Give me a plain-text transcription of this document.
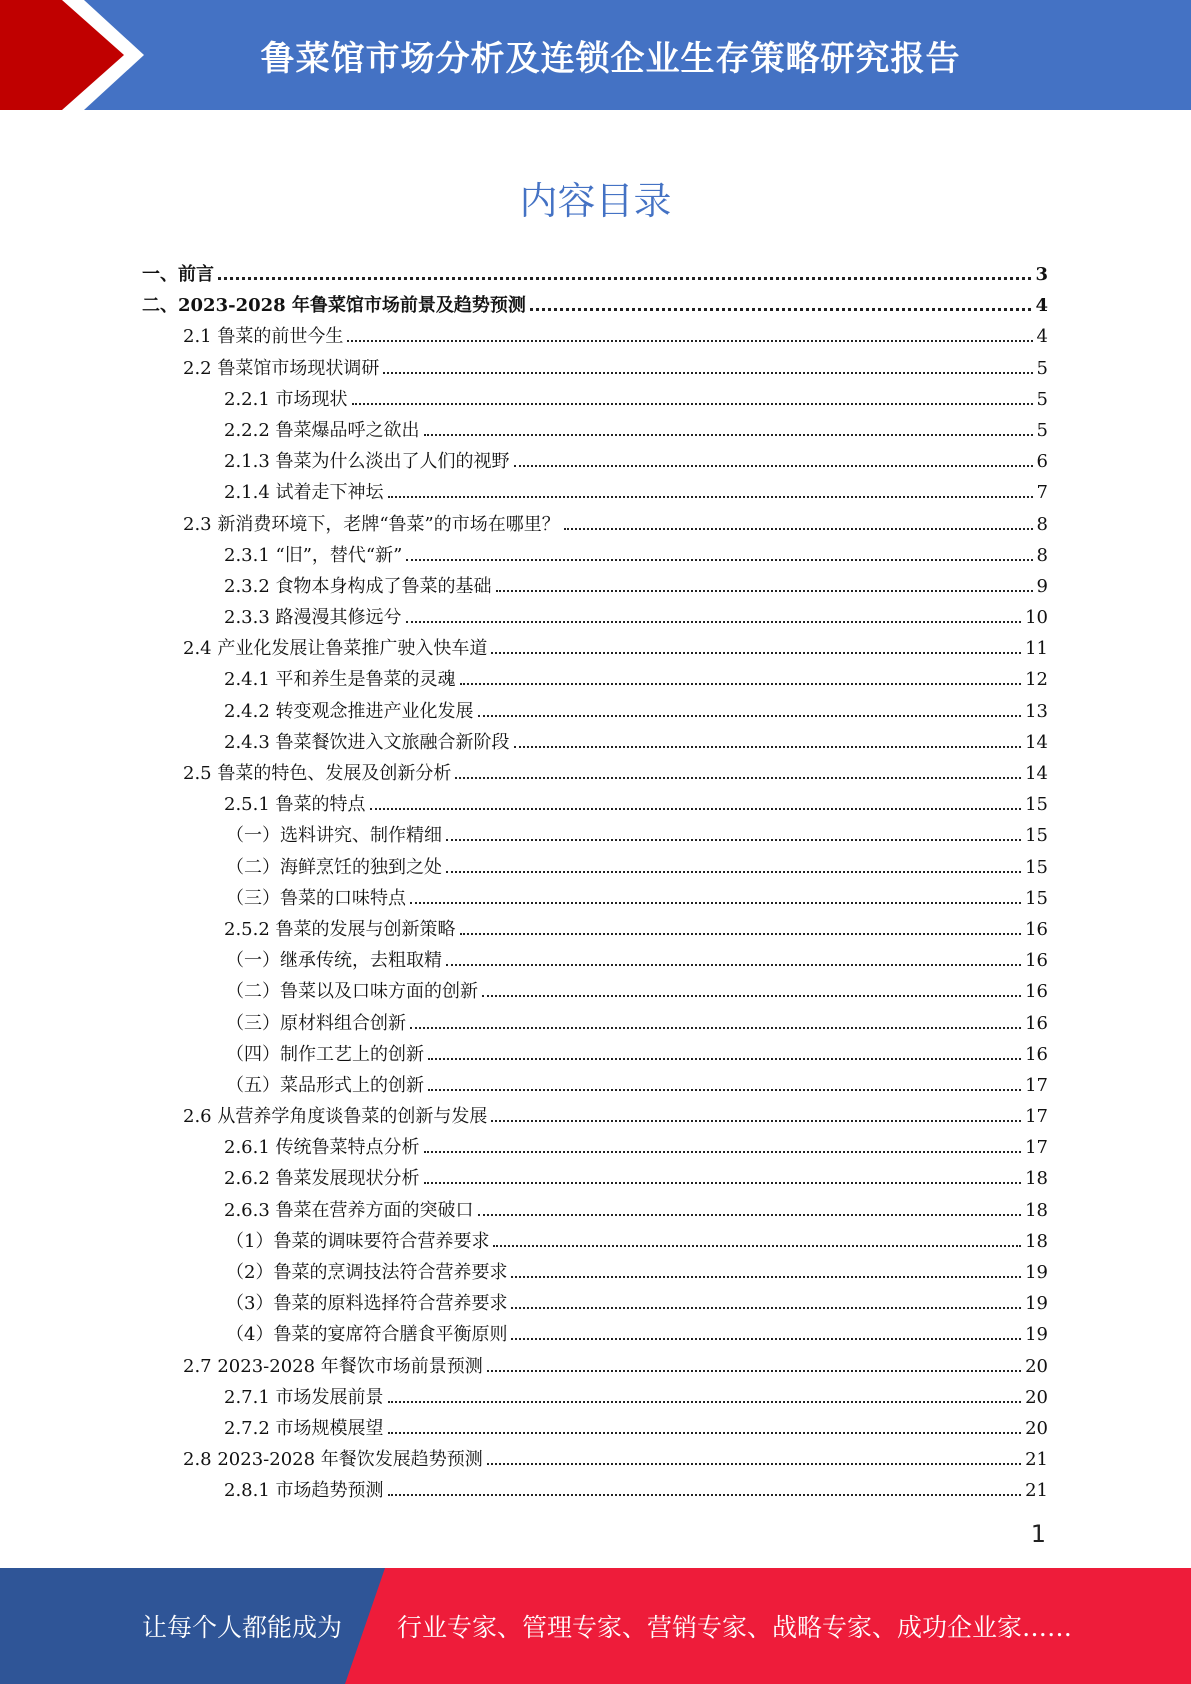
鲁菜馆市场分析及连锁企业生存策略研究报告
内容目录
一、前言	3
二、2023-2028 年鲁菜馆市场前景及趋势预测	4
2.1 鲁菜的前世今生	4
2.2 鲁菜馆市场现状调研	5
2.2.1 市场现状	5
2.2.2 鲁菜爆品呼之欲出	5
2.1.3 鲁菜为什么淡出了人们的视野	6
2.1.4 试着走下神坛	7
2.3 新消费环境下，老牌“鲁菜”的市场在哪里？	8
2.3.1 “旧”，替代“新”	8
2.3.2 食物本身构成了鲁菜的基础	9
2.3.3 路漫漫其修远兮	10
2.4 产业化发展让鲁菜推广驶入快车道	11
2.4.1 平和养生是鲁菜的灵魂	12
2.4.2 转变观念推进产业化发展	13
2.4.3 鲁菜餐饮进入文旅融合新阶段	14
2.5 鲁菜的特色、发展及创新分析	14
2.5.1 鲁菜的特点	15
（一）选料讲究、制作精细	15
（二）海鲜烹饪的独到之处	15
（三）鲁菜的口味特点	15
2.5.2 鲁菜的发展与创新策略	16
（一）继承传统，去粗取精	16
（二）鲁菜以及口味方面的创新	16
（三）原材料组合创新	16
（四）制作工艺上的创新	16
（五）菜品形式上的创新	17
2.6 从营养学角度谈鲁菜的创新与发展	17
2.6.1 传统鲁菜特点分析	17
2.6.2 鲁菜发展现状分析	18
2.6.3 鲁菜在营养方面的突破口	18
（1）鲁菜的调味要符合营养要求	18
（2）鲁菜的烹调技法符合营养要求	19
（3）鲁菜的原料选择符合营养要求	19
（4）鲁菜的宴席符合膳食平衡原则	19
2.7 2023-2028 年餐饮市场前景预测	20
2.7.1 市场发展前景	20
2.7.2 市场规模展望	20
2.8 2023-2028 年餐饮发展趋势预测	21
2.8.1 市场趋势预测	21
1
让每个人都能成为 行业专家、管理专家、营销专家、战略专家、成功企业家……
